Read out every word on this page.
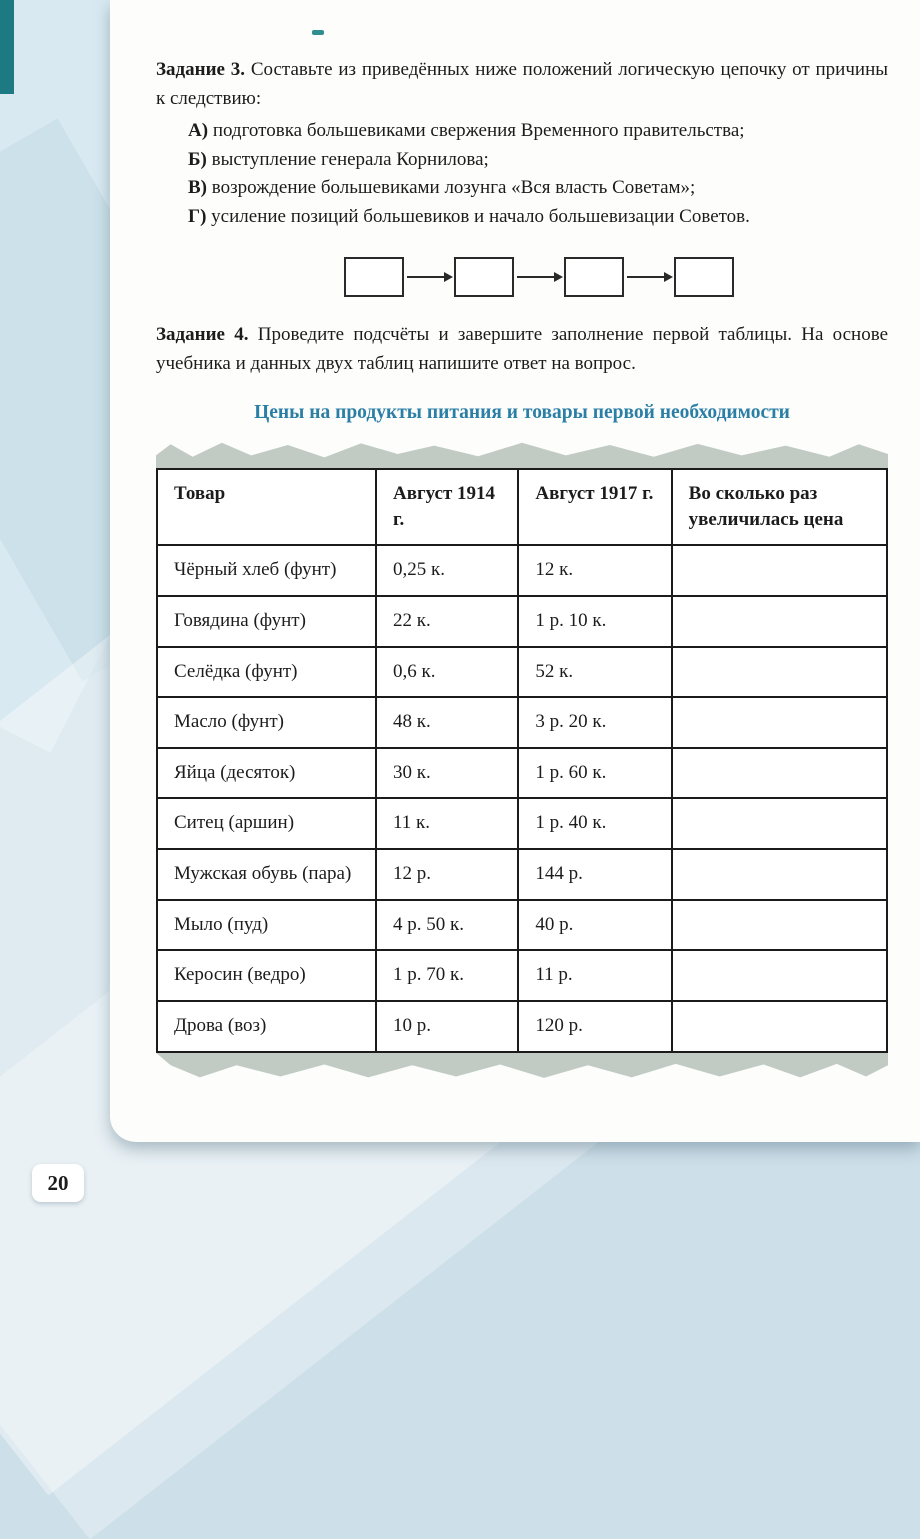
Задание 3. Составьте из приведённых ниже положений логическую цепочку от причины к следствию:

А) подготовка большевиками свержения Временного правительства;
Б) выступление генерала Корнилова;
В) возрождение большевиками лозунга «Вся власть Советам»;
Г) усиление позиций большевиков и начало большевизации Советов.

Задание 4. Проведите подсчёты и завершите заполнение первой таблицы. На основе учебника и данных двух таблиц напишите ответ на вопрос.

Цены на продукты питания и товары первой необходимости
Товар	Август 1914 г.	Август 1917 г.	Во сколько раз увеличилась цена
Чёрный хлеб (фунт)	0,25 к.	12 к.	
Говядина (фунт)	22 к.	1 р. 10 к.	
Селёдка (фунт)	0,6 к.	52 к.	
Масло (фунт)	48 к.	3 р. 20 к.	
Яйца (десяток)	30 к.	1 р. 60 к.	
Ситец (аршин)	11 к.	1 р. 40 к.	
Мужская обувь (пара)	12 р.	144 р.	
Мыло (пуд)	4 р. 50 к.	40 р.	
Керосин (ведро)	1 р. 70 к.	11 р.	
Дрова (воз)	10 р.	120 р.	
20
